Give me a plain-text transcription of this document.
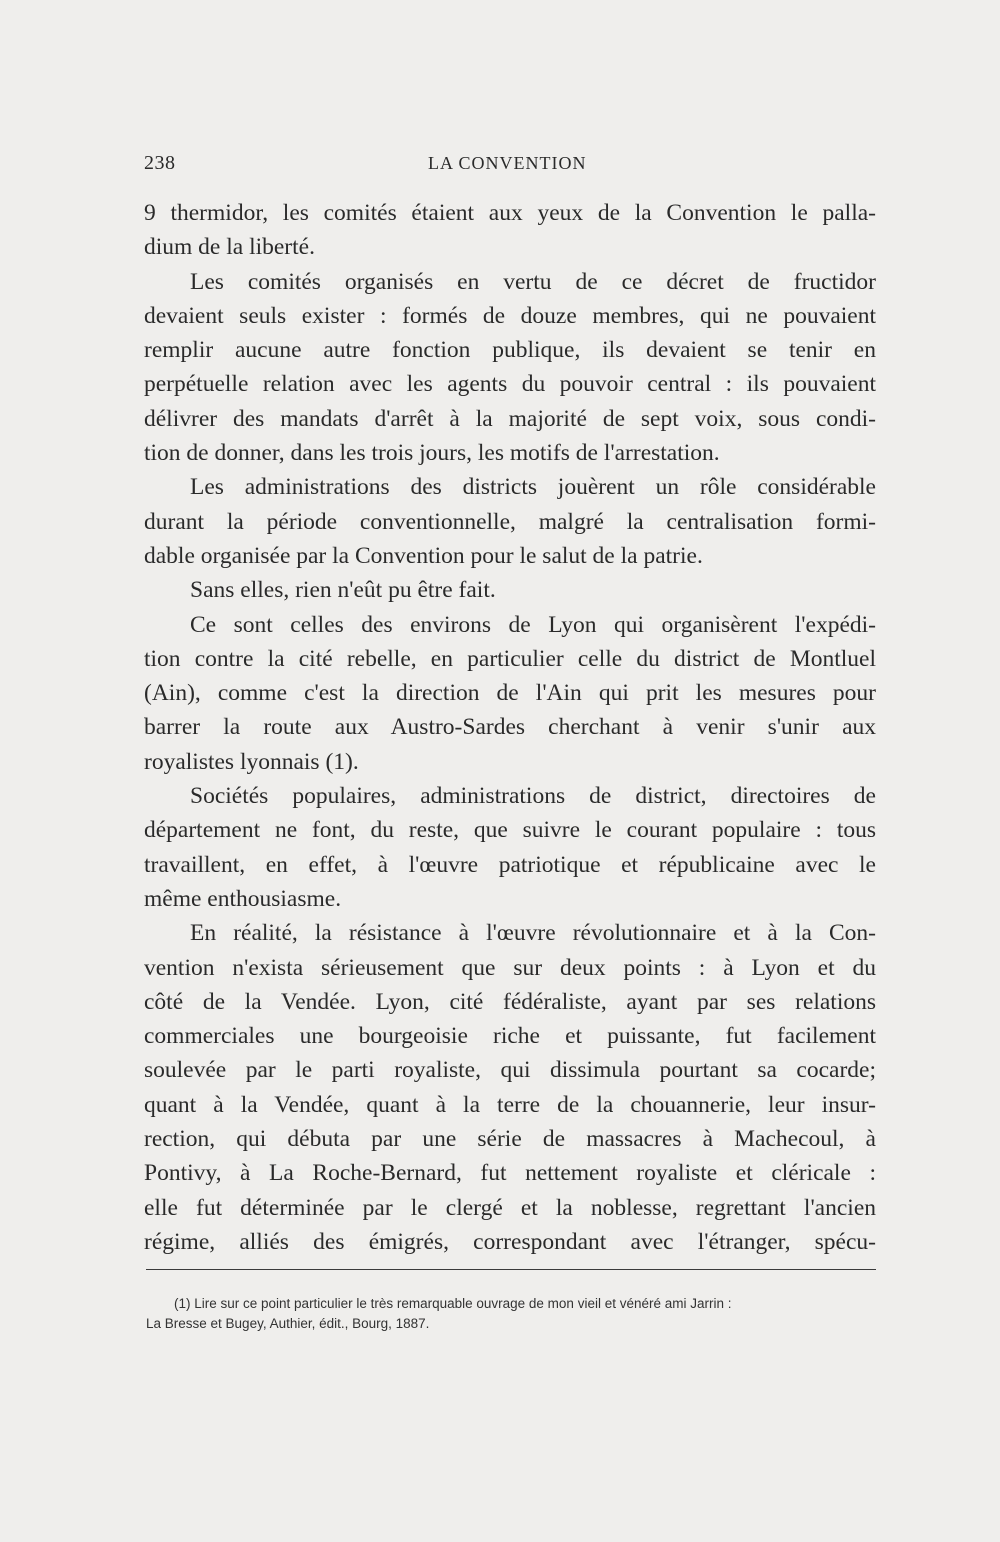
238	LA CONVENTION
9 thermidor, les comités étaient aux yeux de la Convention le palla-
dium de la liberté.
Les comités organisés en vertu de ce décret de fructidor
devaient seuls exister : formés de douze membres, qui ne pouvaient
remplir aucune autre fonction publique, ils devaient se tenir en
perpétuelle relation avec les agents du pouvoir central : ils pouvaient
délivrer des mandats d'arrêt à la majorité de sept voix, sous condi-
tion de donner, dans les trois jours, les motifs de l'arrestation.
Les administrations des districts jouèrent un rôle considérable
durant la période conventionnelle, malgré la centralisation formi-
dable organisée par la Convention pour le salut de la patrie.
Sans elles, rien n'eût pu être fait.
Ce sont celles des environs de Lyon qui organisèrent l'expédi-
tion contre la cité rebelle, en particulier celle du district de Montluel
(Ain), comme c'est la direction de l'Ain qui prit les mesures pour
barrer la route aux Austro-Sardes cherchant à venir s'unir aux
royalistes lyonnais (1).
Sociétés populaires, administrations de district, directoires de
département ne font, du reste, que suivre le courant populaire : tous
travaillent, en effet, à l'œuvre patriotique et républicaine avec le
même enthousiasme.
En réalité, la résistance à l'œuvre révolutionnaire et à la Con-
vention n'exista sérieusement que sur deux points : à Lyon et du
côté de la Vendée. Lyon, cité fédéraliste, ayant par ses relations
commerciales une bourgeoisie riche et puissante, fut facilement
soulevée par le parti royaliste, qui dissimula pourtant sa cocarde;
quant à la Vendée, quant à la terre de la chouannerie, leur insur-
rection, qui débuta par une série de massacres à Machecoul, à
Pontivy, à La Roche-Bernard, fut nettement royaliste et cléricale :
elle fut déterminée par le clergé et la noblesse, regrettant l'ancien
régime, alliés des émigrés, correspondant avec l'étranger, spécu-
(1) Lire sur ce point particulier le très remarquable ouvrage de mon vieil et vénéré ami Jarrin :
La Bresse et Bugey, Authier, édit., Bourg, 1887.
